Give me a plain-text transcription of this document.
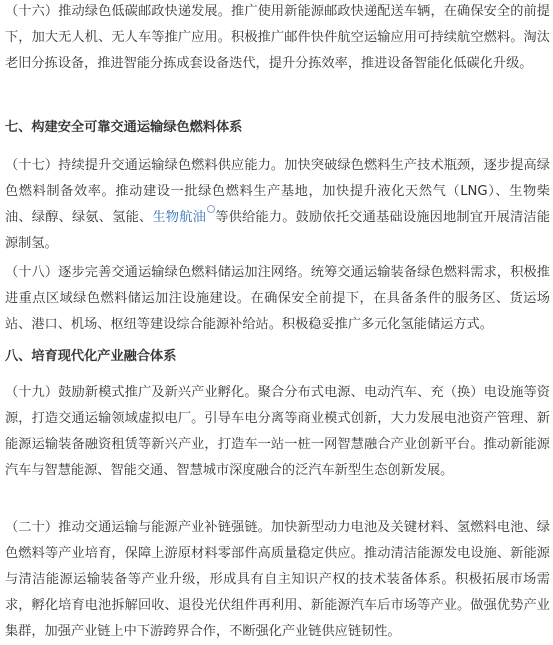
（十六）推动绿色低碳邮政快递发展。推广使用新能源邮政快递配送车辆，在确保安全的前提下，加大无人机、无人车等推广应用。积极推广邮件快件航空运输应用可持续航空燃料。淘汰老旧分拣设备，推进智能分拣成套设备迭代，提升分拣效率，推进设备智能化低碳化升级。

七、构建安全可靠交通运输绿色燃料体系

（十七）持续提升交通运输绿色燃料供应能力。加快突破绿色燃料生产技术瓶颈，逐步提高绿色燃料制备效率。推动建设一批绿色燃料生产基地，加快提升液化天然气（LNG）、生物柴油、绿醇、绿氨、氢能、生物航油 等供给能力。鼓励依托交通基础设施因地制宜开展清洁能源制氢。

（十八）逐步完善交通运输绿色燃料储运加注网络。统筹交通运输装备绿色燃料需求，积极推进重点区域绿色燃料储运加注设施建设。在确保安全前提下，在具备条件的服务区、货运场站、港口、机场、枢纽等建设综合能源补给站。积极稳妥推广多元化氢能储运方式。

八、培育现代化产业融合体系

（十九）鼓励新模式推广及新兴产业孵化。聚合分布式电源、电动汽车、充（换）电设施等资源，打造交通运输领域虚拟电厂。引导车电分离等商业模式创新，大力发展电池资产管理、新能源运输装备融资租赁等新兴产业，打造车一站一桩一网智慧融合产业创新平台。推动新能源汽车与智慧能源、智能交通、智慧城市深度融合的泛汽车新型生态创新发展。

（二十）推动交通运输与能源产业补链强链。加快新型动力电池及关键材料、氢燃料电池、绿色燃料等产业培育，保障上游原材料零部件高质量稳定供应。推动清洁能源发电设施、新能源与清洁能源运输装备等产业升级，形成具有自主知识产权的技术装备体系。积极拓展市场需求，孵化培育电池拆解回收、退役光伏组件再利用、新能源汽车后市场等产业。做强优势产业集群，加强产业链上中下游跨界合作，不断强化产业链供应链韧性。
